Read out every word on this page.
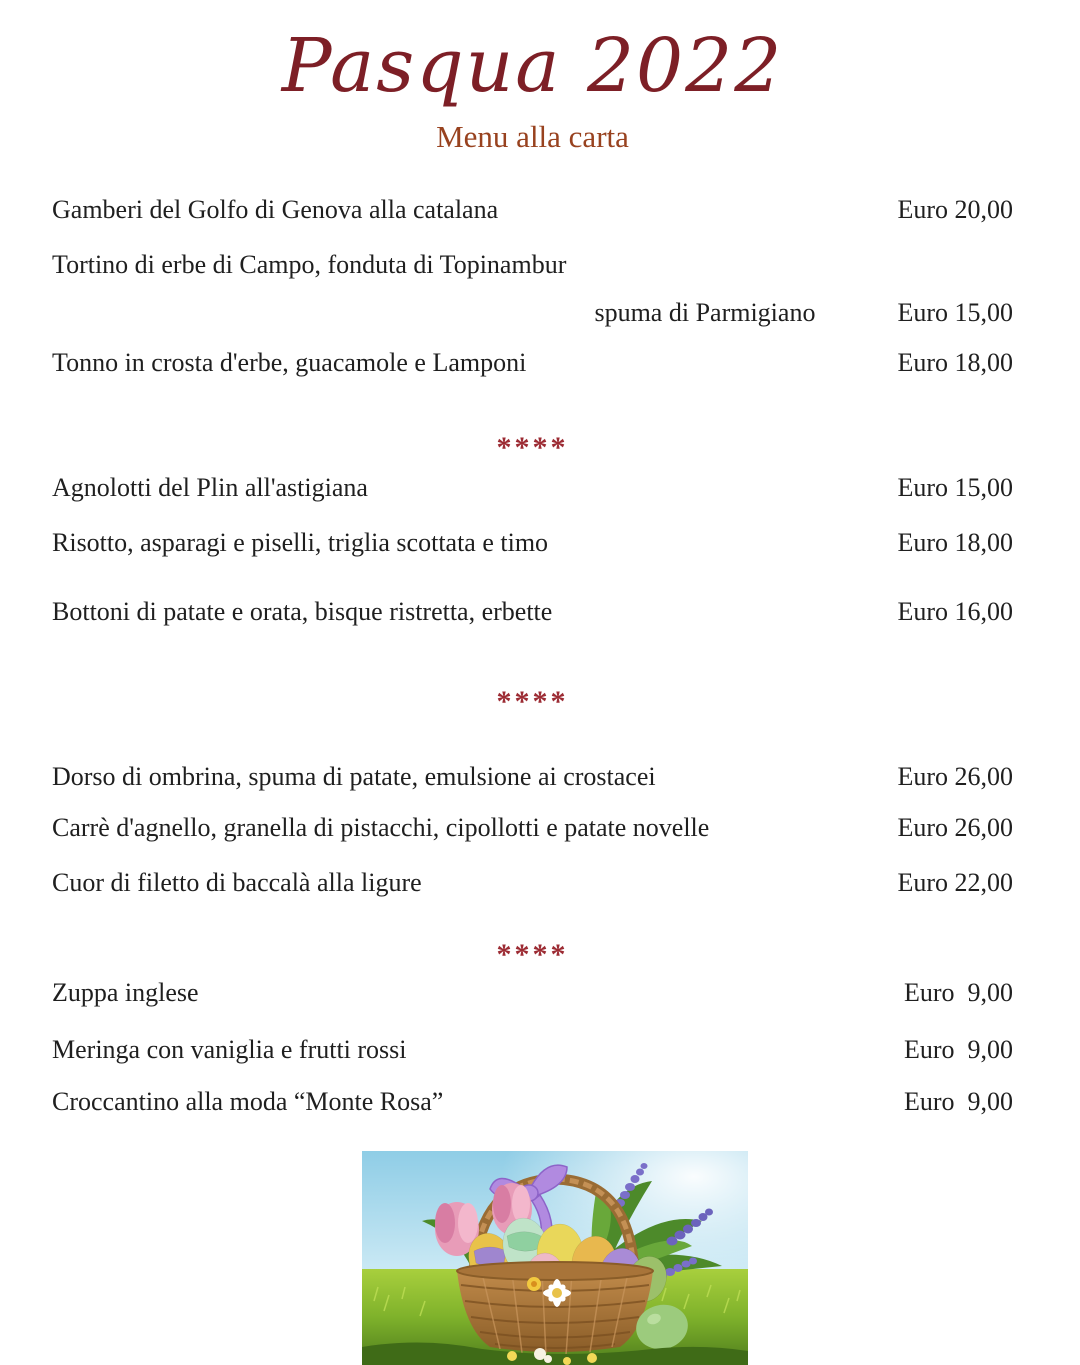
Pasqua 2022
Menu alla carta
Gamberi del Golfo di Genova alla catalana	Euro 20,00
Tortino di erbe di Campo, fonduta di Topinambur
spuma di Parmigiano	Euro 15,00
Tonno in crosta d'erbe, guacamole e Lamponi	Euro 18,00
****
Agnolotti del Plin all'astigiana	Euro 15,00
Risotto, asparagi e piselli, triglia scottata e timo	Euro 18,00
Bottoni di patate e orata, bisque ristretta, erbette	Euro 16,00
****
Dorso di ombrina, spuma di patate, emulsione ai crostacei	Euro 26,00
Carrè d'agnello, granella di pistacchi, cipollotti e patate novelle	Euro 26,00
Cuor di filetto di baccalà alla ligure	Euro 22,00
****
Zuppa inglese	Euro  9,00
Meringa con vaniglia e frutti rossi	Euro  9,00
Croccantino alla moda “Monte Rosa”	Euro  9,00
